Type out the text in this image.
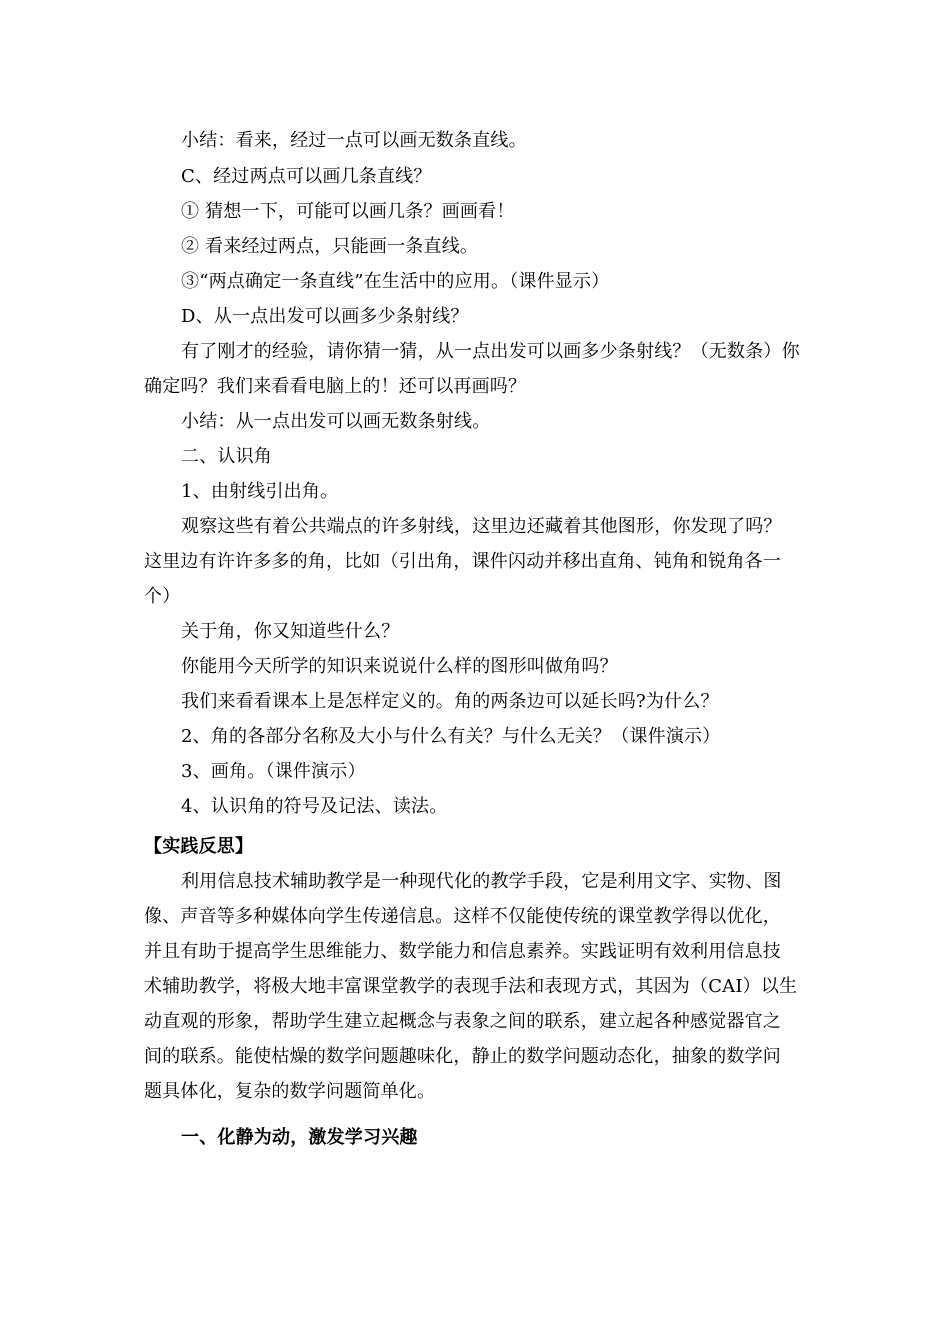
小结：看来，经过一点可以画无数条直线。
C、经过两点可以画几条直线？
① 猜想一下，可能可以画几条？画画看！
② 看来经过两点，只能画一条直线。
③“两点确定一条直线”在生活中的应用。（课件显示）
D、从一点出发可以画多少条射线？
有了刚才的经验，请你猜一猜，从一点出发可以画多少条射线？（无数条）你
确定吗？我们来看看电脑上的！还可以再画吗？
小结：从一点出发可以画无数条射线。
二、认识角
1、由射线引出角。
观察这些有着公共端点的许多射线，这里边还藏着其他图形，你发现了吗？
这里边有许许多多的角，比如（引出角，课件闪动并移出直角、钝角和锐角各一
个）
关于角，你又知道些什么？
你能用今天所学的知识来说说什么样的图形叫做角吗？
我们来看看课本上是怎样定义的。角的两条边可以延长吗?为什么？
2、角的各部分名称及大小与什么有关？与什么无关？（课件演示）
3、画角。（课件演示）
4、认识角的符号及记法、读法。
【实践反思】
利用信息技术辅助教学是一种现代化的教学手段，它是利用文字、实物、图
像、声音等多种媒体向学生传递信息。这样不仅能使传统的课堂教学得以优化，
并且有助于提高学生思维能力、数学能力和信息素养。实践证明有效利用信息技
术辅助教学，将极大地丰富课堂教学的表现手法和表现方式，其因为（CAI）以生
动直观的形象，帮助学生建立起概念与表象之间的联系，建立起各种感觉器官之
间的联系。能使枯燥的数学问题趣味化，静止的数学问题动态化，抽象的数学问
题具体化，复杂的数学问题简单化。
一、化静为动，激发学习兴趣
